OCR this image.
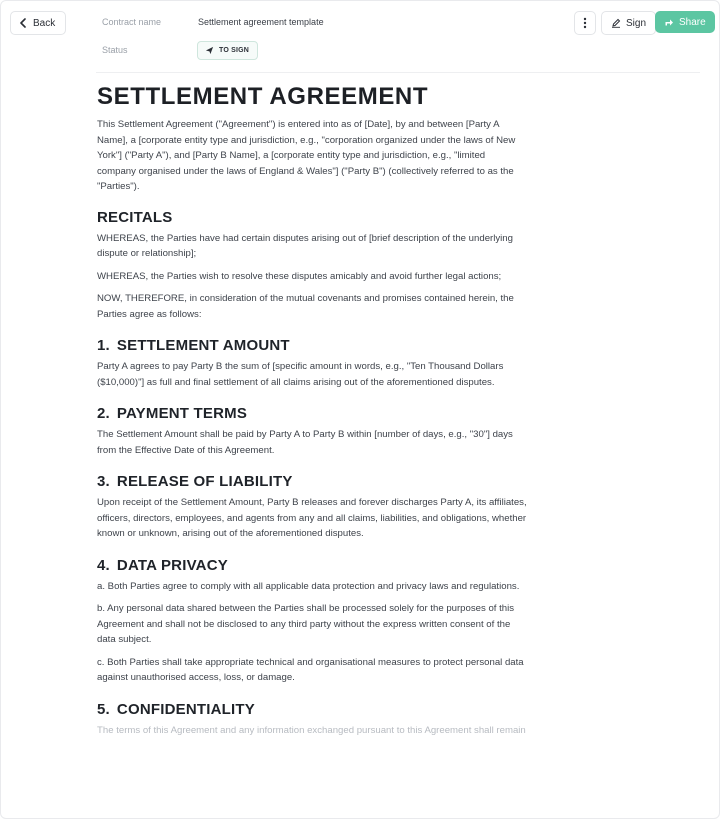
Back	Contract name	Settlement agreement template
Status	TO SIGN
Sign	Share
SETTLEMENT AGREEMENT

This Settlement Agreement ("Agreement") is entered into as of [Date], by and between [Party A
Name], a [corporate entity type and jurisdiction, e.g., "corporation organized under the laws of New
York"] ("Party A"), and [Party B Name], a [corporate entity type and jurisdiction, e.g., "limited
company organised under the laws of England & Wales"] ("Party B") (collectively referred to as the
"Parties").

RECITALS

WHEREAS, the Parties have had certain disputes arising out of [brief description of the underlying
dispute or relationship];

WHEREAS, the Parties wish to resolve these disputes amicably and avoid further legal actions;

NOW, THEREFORE, in consideration of the mutual covenants and promises contained herein, the
Parties agree as follows:

1. SETTLEMENT AMOUNT

Party A agrees to pay Party B the sum of [specific amount in words, e.g., "Ten Thousand Dollars
($10,000)"] as full and final settlement of all claims arising out of the aforementioned disputes.

2. PAYMENT TERMS

The Settlement Amount shall be paid by Party A to Party B within [number of days, e.g., "30"] days
from the Effective Date of this Agreement.

3. RELEASE OF LIABILITY

Upon receipt of the Settlement Amount, Party B releases and forever discharges Party A, its affiliates,
officers, directors, employees, and agents from any and all claims, liabilities, and obligations, whether
known or unknown, arising out of the aforementioned disputes.

4. DATA PRIVACY

a. Both Parties agree to comply with all applicable data protection and privacy laws and regulations.

b. Any personal data shared between the Parties shall be processed solely for the purposes of this
Agreement and shall not be disclosed to any third party without the express written consent of the
data subject.

c. Both Parties shall take appropriate technical and organisational measures to protect personal data
against unauthorised access, loss, or damage.

5. CONFIDENTIALITY

The terms of this Agreement and any information exchanged pursuant to this Agreement shall remain
